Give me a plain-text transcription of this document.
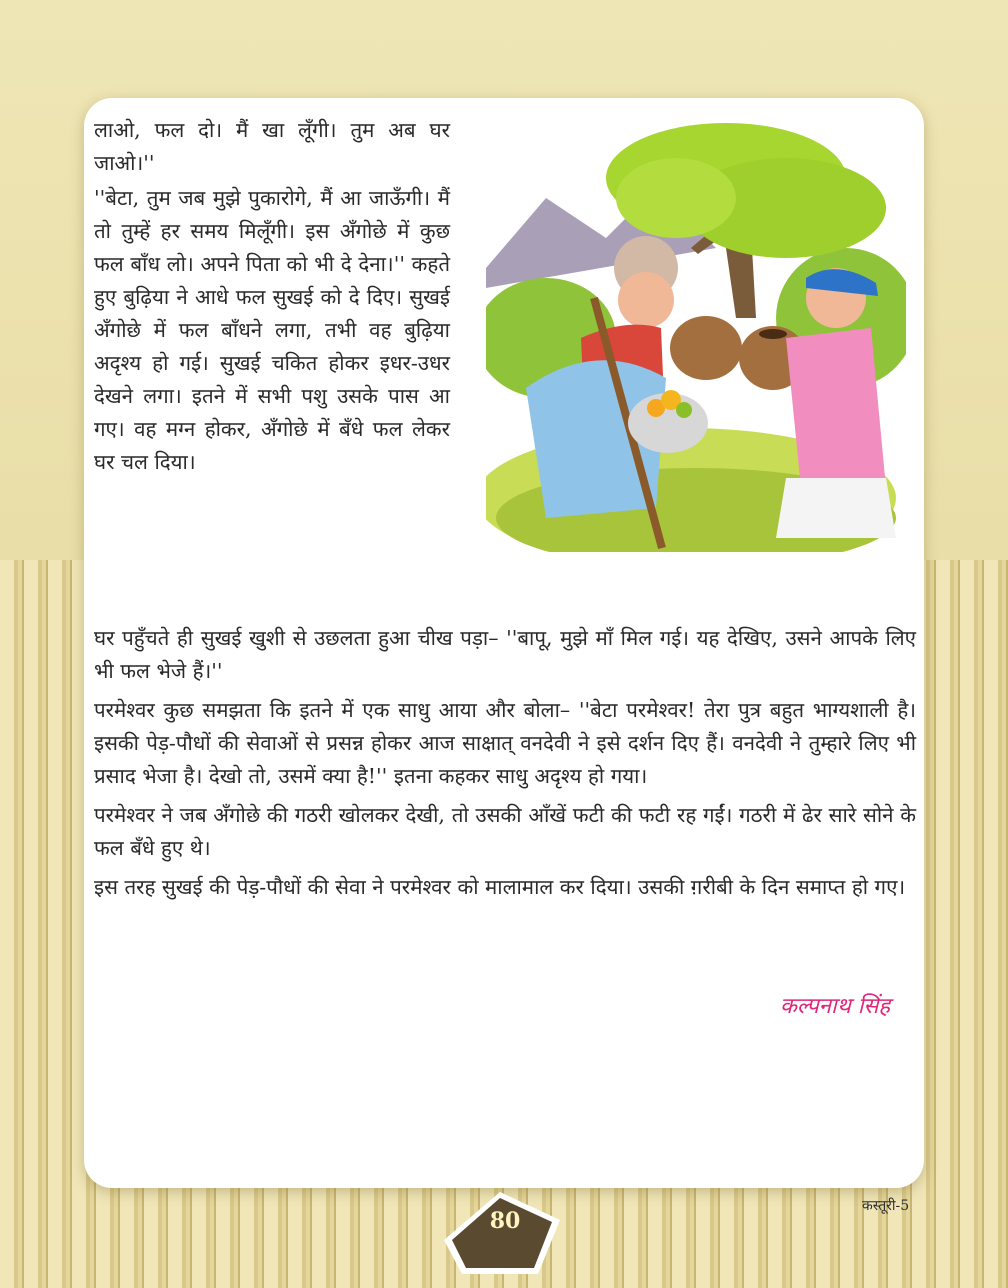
लाओ, फल दो। मैं खा लूँगी। तुम अब घर जाओ।''

''बेटा, तुम जब मुझे पुकारोगे, मैं आ जाऊँगी। मैं तो तुम्हें हर समय मिलूँगी। इस अँगोछे में कुछ फल बाँध लो। अपने पिता को भी दे देना।'' कहते हुए बुढ़िया ने आधे फल सुखई को दे दिए। सुखई अँगोछे में फल बाँधने लगा, तभी वह बुढ़िया अदृश्य हो गई। सुखई चकित होकर इधर-उधर देखने लगा। इतने में सभी पशु उसके पास आ गए। वह मग्न होकर, अँगोछे में बँधे फल लेकर घर चल दिया।

घर पहुँचते ही सुखई खुशी से उछलता हुआ चीख पड़ा– ''बापू, मुझे माँ मिल गई। यह देखिए, उसने आपके लिए भी फल भेजे हैं।''

परमेश्वर कुछ समझता कि इतने में एक साधु आया और बोला– ''बेटा परमेश्वर! तेरा पुत्र बहुत भाग्यशाली है। इसकी पेड़-पौधों की सेवाओं से प्रसन्न होकर आज साक्षात् वनदेवी ने इसे दर्शन दिए हैं। वनदेवी ने तुम्हारे लिए भी प्रसाद भेजा है। देखो तो, उसमें क्या है!'' इतना कहकर साधु अदृश्य हो गया।

परमेश्वर ने जब अँगोछे की गठरी खोलकर देखी, तो उसकी आँखें फटी की फटी रह गईं। गठरी में ढेर सारे सोने के फल बँधे हुए थे।

इस तरह सुखई की पेड़-पौधों की सेवा ने परमेश्वर को मालामाल कर दिया। उसकी ग़रीबी के दिन समाप्त हो गए।

कल्पनाथ सिंह
80
कस्तूरी-5
